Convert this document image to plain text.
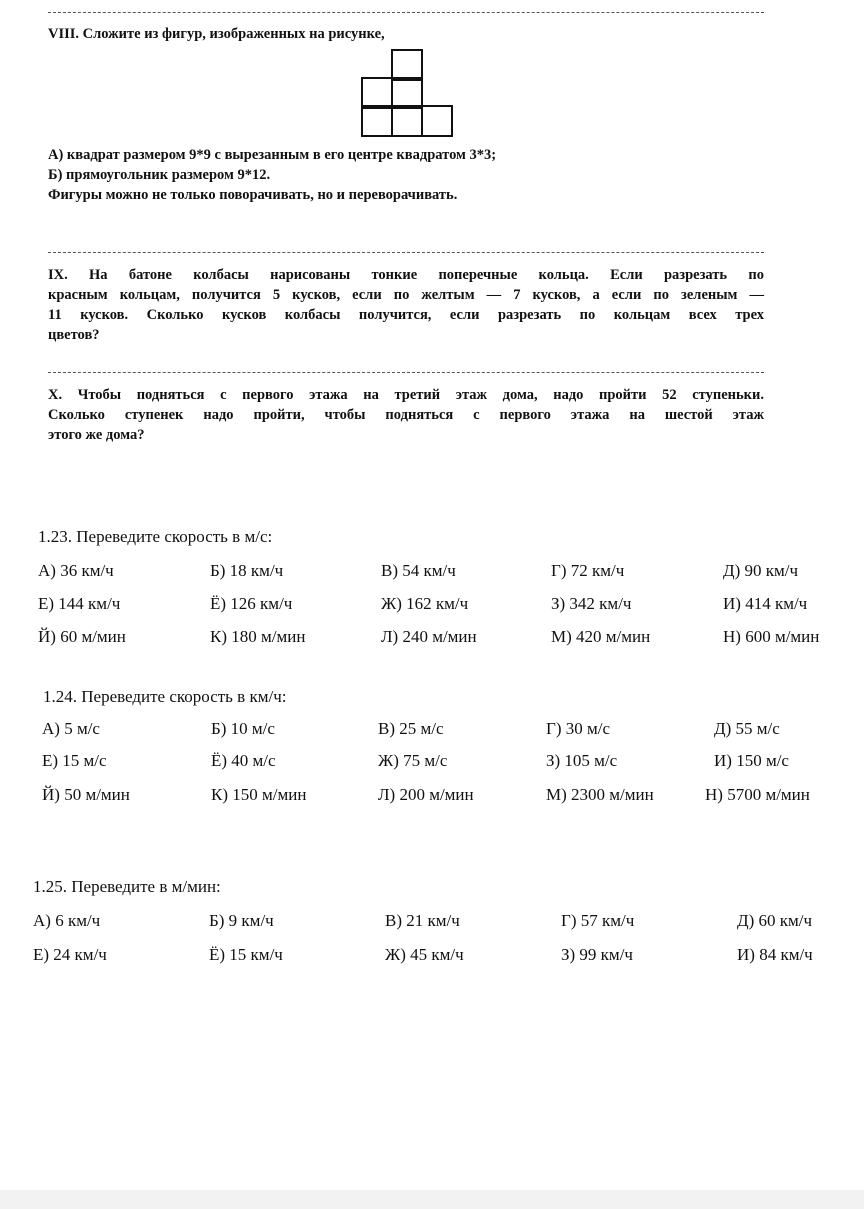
VIII. Сложите из фигур, изображенных на рисунке,

А) квадрат размером 9*9 с вырезанным в его центре квадратом 3*3;

Б) прямоугольник размером 9*12.

Фигуры можно не только поворачивать, но и переворачивать.

IX. На батоне колбасы нарисованы тонкие поперечные кольца. Если разрезать по

красным кольцам, получится 5 кусков, если по желтым — 7 кусков, а если по зеленым —

11 кусков. Сколько кусков колбасы получится, если разрезать по кольцам всех трех

цветов?

X. Чтобы подняться с первого этажа на третий этаж дома, надо пройти 52 ступеньки.

Сколько ступенек надо пройти, чтобы подняться с первого этажа на шестой этаж

этого же дома?

1.23. Переведите скорость в м/с:
А) 36 км/ч	Б) 18 км/ч	В) 54 км/ч	Г) 72 км/ч	Д) 90 км/ч
Е) 144 км/ч	Ё) 126 км/ч	Ж) 162 км/ч	З) 342 км/ч	И) 414 км/ч
Й) 60 м/мин	К) 180 м/мин	Л) 240 м/мин	М) 420 м/мин	Н) 600 м/мин
1.24. Переведите скорость в км/ч:
А) 5 м/с	Б) 10 м/с	В) 25 м/с	Г) 30 м/с	Д) 55 м/с
Е) 15 м/с	Ё) 40 м/с	Ж) 75 м/с	З) 105 м/с	И) 150 м/с
Й) 50 м/мин	К) 150 м/мин	Л) 200 м/мин	М) 2300 м/мин	Н) 5700 м/мин
1.25. Переведите в м/мин:
А) 6 км/ч	Б) 9 км/ч	В) 21 км/ч	Г) 57 км/ч	Д) 60 км/ч
Е) 24 км/ч	Ё) 15 км/ч	Ж) 45 км/ч	З) 99 км/ч	И) 84 км/ч
